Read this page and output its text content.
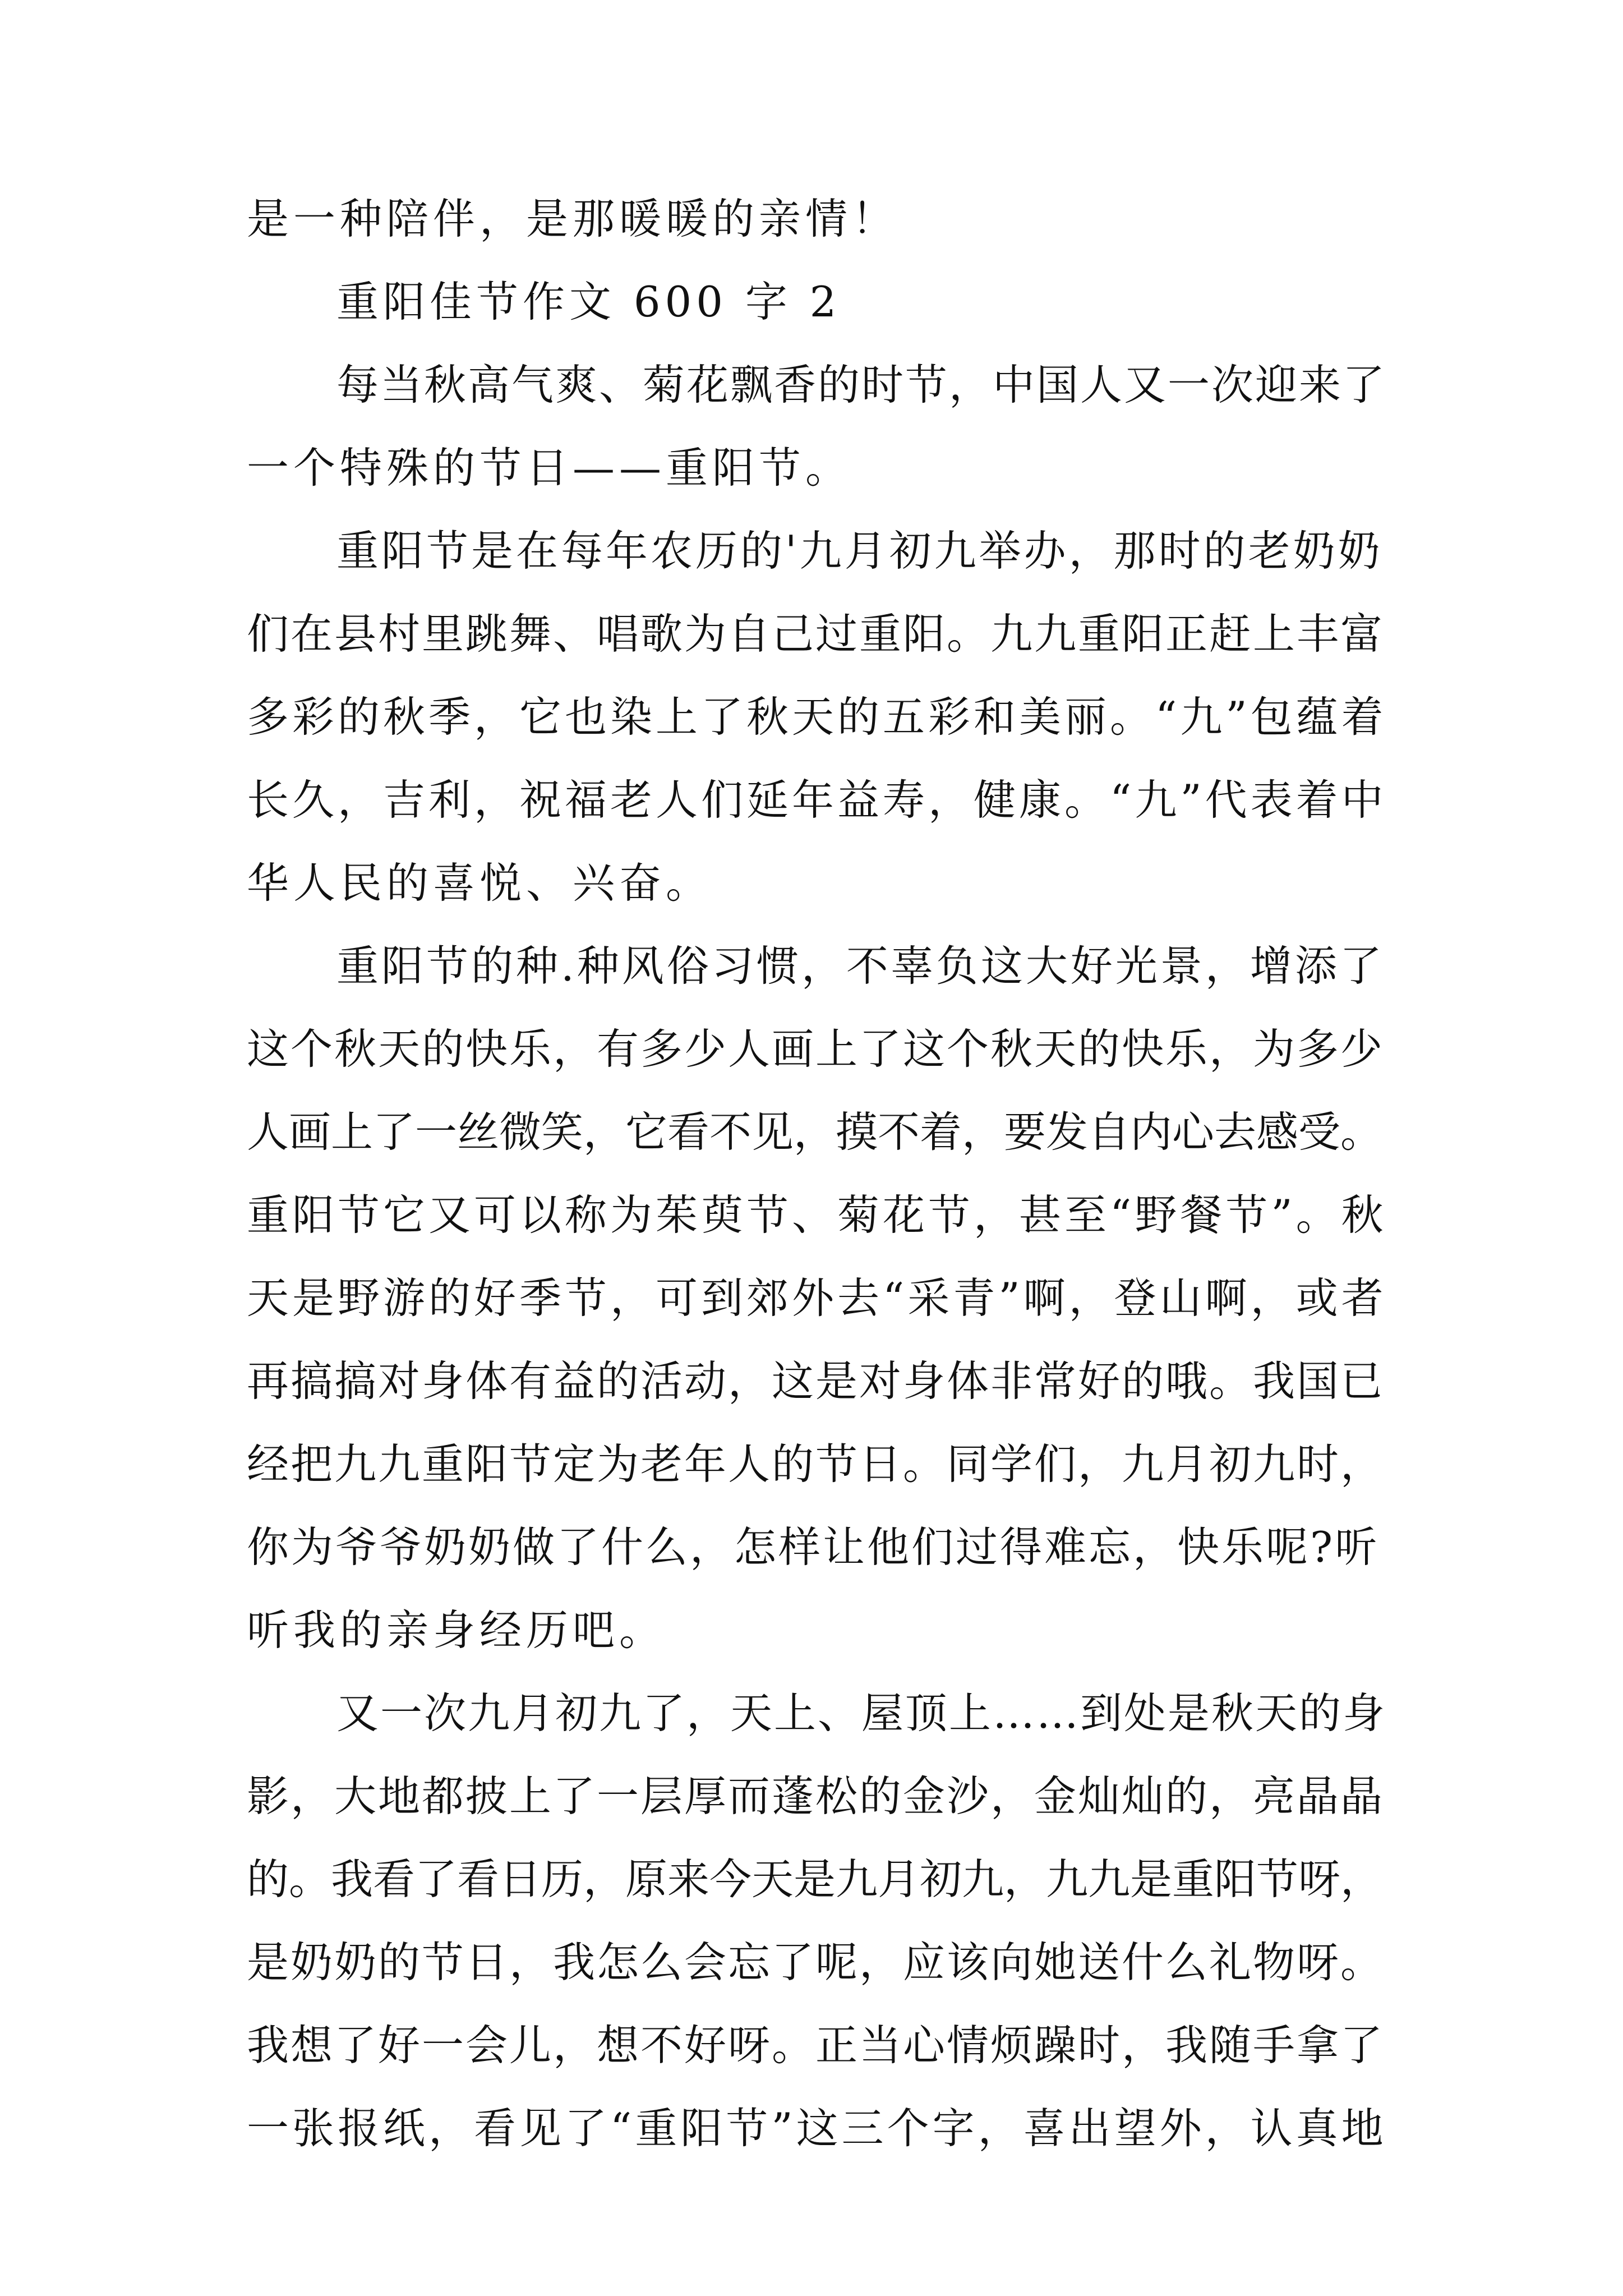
是一种陪伴，是那暖暖的亲情！
重阳佳节作文 600 字 2
每当秋高气爽、菊花飘香的时节，中国人又一次迎来了
一个特殊的节日——重阳节。
重阳节是在每年农历的'九月初九举办，那时的老奶奶
们在县村里跳舞、唱歌为自己过重阳。九九重阳正赶上丰富
多彩的秋季，它也染上了秋天的五彩和美丽。“九”包蕴着
长久，吉利，祝福老人们延年益寿，健康。“九”代表着中
华人民的喜悦、兴奋。
重阳节的种.种风俗习惯，不辜负这大好光景，增添了
这个秋天的快乐，有多少人画上了这个秋天的快乐，为多少
人画上了一丝微笑，它看不见，摸不着，要发自内心去感受。
重阳节它又可以称为茱萸节、菊花节，甚至“野餐节”。秋
天是野游的好季节，可到郊外去“采青”啊，登山啊，或者
再搞搞对身体有益的活动，这是对身体非常好的哦。我国已
经把九九重阳节定为老年人的节日。同学们，九月初九时，
你为爷爷奶奶做了什么，怎样让他们过得难忘，快乐呢?听
听我的亲身经历吧。
又一次九月初九了，天上、屋顶上……到处是秋天的身
影，大地都披上了一层厚而蓬松的金沙，金灿灿的，亮晶晶
的。我看了看日历，原来今天是九月初九，九九是重阳节呀，
是奶奶的节日，我怎么会忘了呢，应该向她送什么礼物呀。
我想了好一会儿，想不好呀。正当心情烦躁时，我随手拿了
一张报纸，看见了“重阳节”这三个字，喜出望外，认真地
